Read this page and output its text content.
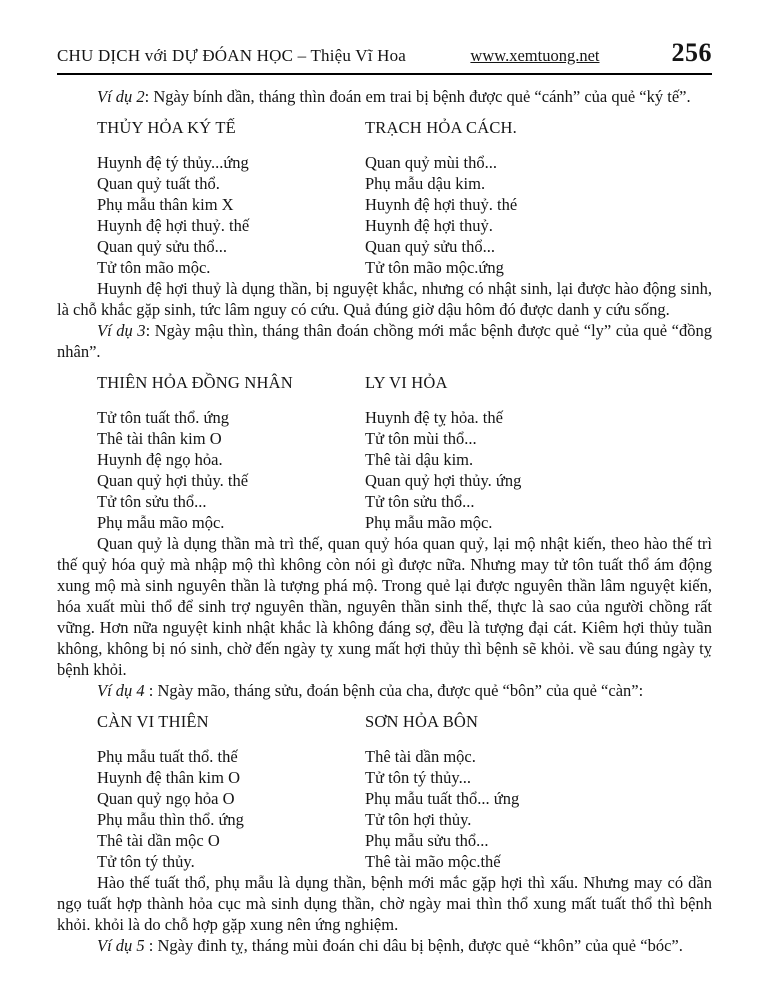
CHU DỊCH với DỰ ĐÓAN HỌC – Thiệu Vĩ Hoa	www.xemtuong.net	256

Ví dụ 2: Ngày bính dần, tháng thìn đoán em trai bị bệnh được quẻ “cánh” của quẻ “ký tế”.

THỦY HỎA KÝ TẾ	TRẠCH HỎA CÁCH.
Huynh đệ tý thủy...ứng	Quan quỷ mùi thổ...
Quan quỷ tuất thổ.	Phụ mẫu dậu kim.
Phụ mẫu thân kim X	Huynh đệ hợi thuỷ. thé
Huynh đệ hợi thuỷ. thế	Huynh đệ hợi thuỷ.
Quan quỷ sửu thổ...	Quan quỷ sửu thổ...
Tử tôn mão mộc.	Tử tôn mão mộc.ứng

Huynh đệ hợi thuỷ là dụng thần, bị nguyệt khắc, nhưng có nhật sinh, lại được hào động sinh, là chỗ khắc gặp sinh, tức lâm nguy có cứu. Quả đúng giờ dậu hôm đó được danh y cứu sống.

Ví dụ 3: Ngày mậu thìn, tháng thân đoán chồng mới mắc bệnh được quẻ “ly” của quẻ “đồng nhân”.

THIÊN HỎA ĐỒNG NHÂN	LY VI HỎA
Tử tôn tuất thổ. ứng	Huynh đệ tỵ hỏa. thế
Thê tài thân kim O	Tử tôn mùi thổ...
Huynh đệ ngọ hỏa.	Thê tài dậu kim.
Quan quỷ hợi thủy. thế	Quan quỷ hợi thủy. ứng
Tử tôn sửu thổ...	Tử tôn sửu thổ...
Phụ mẫu mão mộc.	Phụ mẫu mão mộc.

Quan quỷ là dụng thần mà trì thế, quan quỷ hóa quan quỷ, lại mộ nhật kiến, theo hào thế trì thế quỷ hóa quỷ mà nhập mộ thì không còn nói gì được nữa. Nhưng may tử tôn tuất thổ ám động xung mộ mà sinh nguyên thần là tượng phá mộ. Trong quẻ lại được nguyên thần lâm nguyệt kiến, hóa xuất mùi thổ để sinh trợ nguyên thần, nguyên thần sinh thế, thực là sao của người chồng rất vững. Hơn nữa nguyệt kinh nhật khắc là không đáng sợ, đều là tượng đại cát. Kiêm hợi thủy tuần không, không bị nó sinh, chờ đến ngày tỵ xung mất hợi thủy thì bệnh sẽ khỏi. về sau đúng ngày tỵ bệnh khỏi.

Ví dụ 4 : Ngày mão, tháng sửu, đoán bệnh của cha, được quẻ “bôn” của quẻ “càn”:

CÀN VI THIÊN	SƠN HỎA BÔN
Phụ mẫu tuất thổ. thế	Thê tài dần mộc.
Huynh đệ thân kim O	Tử tôn tý thủy...
Quan quỷ ngọ hỏa O	Phụ mẫu tuất thổ... ứng
Phụ mẫu thìn thổ. ứng	Tử tôn hợi thủy.
Thê tài dần mộc O	Phụ mẫu sửu thổ...
Tử tôn tý thủy.	Thê tài mão mộc.thế

Hào thế tuất thổ, phụ mẫu là dụng thần, bệnh mới mắc gặp hợi thì xấu. Nhưng may có dần ngọ tuất hợp thành hỏa cục mà sinh dụng thần, chờ ngày mai thìn thổ xung mất tuất thổ thì bệnh khỏi. khỏi là do chỗ hợp gặp xung nên ứng nghiệm.

Ví dụ 5 : Ngày đinh tỵ, tháng mùi đoán chi dâu bị bệnh, được quẻ “khôn” của quẻ “bóc”.
